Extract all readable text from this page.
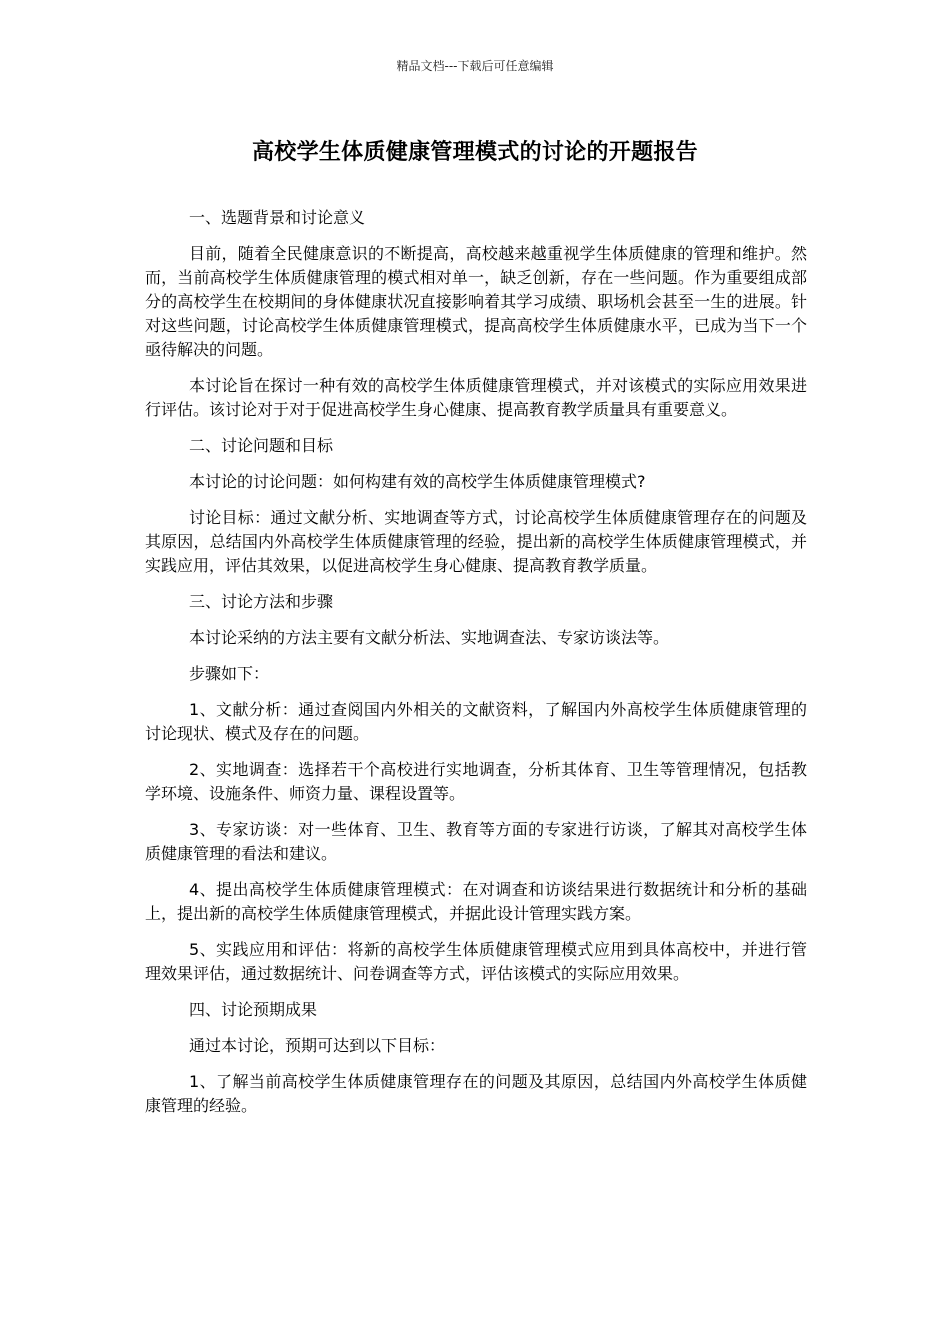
精品文档---下载后可任意编辑
高校学生体质健康管理模式的讨论的开题报告

一、选题背景和讨论意义

目前，随着全民健康意识的不断提高，高校越来越重视学生体质健康的管理和维护。然而，当前高校学生体质健康管理的模式相对单一，缺乏创新，存在一些问题。作为重要组成部分的高校学生在校期间的身体健康状况直接影响着其学习成绩、职场机会甚至一生的进展。针对这些问题，讨论高校学生体质健康管理模式，提高高校学生体质健康水平，已成为当下一个亟待解决的问题。

本讨论旨在探讨一种有效的高校学生体质健康管理模式，并对该模式的实际应用效果进行评估。该讨论对于对于促进高校学生身心健康、提高教育教学质量具有重要意义。

二、讨论问题和目标

本讨论的讨论问题：如何构建有效的高校学生体质健康管理模式?

讨论目标：通过文献分析、实地调查等方式，讨论高校学生体质健康管理存在的问题及其原因，总结国内外高校学生体质健康管理的经验，提出新的高校学生体质健康管理模式，并实践应用，评估其效果，以促进高校学生身心健康、提高教育教学质量。

三、讨论方法和步骤

本讨论采纳的方法主要有文献分析法、实地调查法、专家访谈法等。

步骤如下：

1、文献分析：通过查阅国内外相关的文献资料，了解国内外高校学生体质健康管理的讨论现状、模式及存在的问题。

2、实地调查：选择若干个高校进行实地调查，分析其体育、卫生等管理情况，包括教学环境、设施条件、师资力量、课程设置等。

3、专家访谈：对一些体育、卫生、教育等方面的专家进行访谈，了解其对高校学生体质健康管理的看法和建议。

4、提出高校学生体质健康管理模式：在对调查和访谈结果进行数据统计和分析的基础上，提出新的高校学生体质健康管理模式，并据此设计管理实践方案。

5、实践应用和评估：将新的高校学生体质健康管理模式应用到具体高校中，并进行管理效果评估，通过数据统计、问卷调查等方式，评估该模式的实际应用效果。

四、讨论预期成果

通过本讨论，预期可达到以下目标：

1、了解当前高校学生体质健康管理存在的问题及其原因，总结国内外高校学生体质健康管理的经验。
